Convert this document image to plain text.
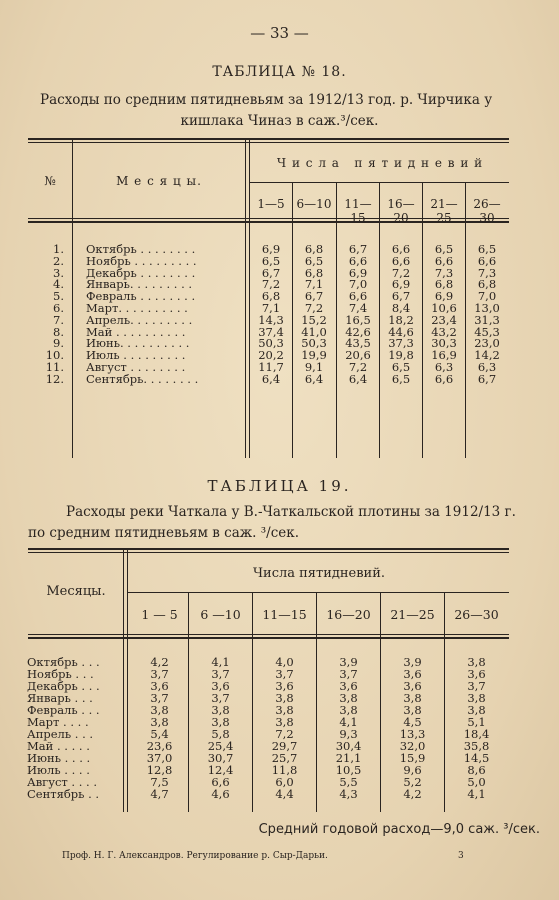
— 33 —
ТАБЛИЦА № 18.
Расходы по средним пятидневьям за 1912/13 год. р. Чирчика у
кишлака Чиназ в саж.³/сек.
№	М е с я ц ы.
Ч и с л а   п я т и д н е в и й
1—5 6—10	11—15
16—20
21—25
26—30
1. Октябрь . . . . . . . .	6,9	6,8	6,7	6,6	6,5	6,5
2. Ноябрь . . . . . . . . .	6,5	6,5	6,6	6,6	6,6	6,6
3. Декабрь . . . . . . . .	6,7	6,8	6,9	7,2	7,3	7,3
4. Январь. . . . . . . . .	7,2	7,1	7,0	6,9	6,8	6,8
5. Февраль . . . . . . . .	6,8	6,7	6,6	6,7	6,9	7,0
6. Март. . . . . . . . . .	7,1	7,2	7,4	8,4	10,6	13,0
7. Апрель. . . . . . . . .	14,3	15,2	16,5	18,2	23,4	31,3
8. Май . . . . . . . . . .	37,4	41,0	42,6	44,6	43,2	45,3
9. Июнь. . . . . . . . . .	50,3	50,3	43,5	37,3	30,3	23,0
10. Июль . . . . . . . . .	20,2	19,9	20,6	19,8	16,9	14,2
11. Август . . . . . . . .	11,7	9,1	7,2	6,5	6,3	6,3
12. Сентябрь. . . . . . . .	6,4	6,4	6,4	6,5	6,6	6,7
ТАБЛИЦА 19.
Расходы реки Чаткала у В.-Чаткальской плотины за 1912/13 г.
по средним пятидневьям в саж. ³/сек.
Месяцы.
Числа пятидневий.
1 — 5	6 —10	11—15	16—20	21—25	26—30
Октябрь . . .	4,2	4,1	4,0	3,9	3,9	3,8
Ноябрь . . .	3,7	3,7	3,7	3,7	3,6	3,6
Декабрь . . .	3,6	3,6	3,6	3,6	3,6	3,7
Январь . . .	3,7	3,7	3,8	3,8	3,8	3,8
Февраль . . .	3,8	3,8	3,8	3,8	3,8	3,8
Март . . . .	3,8	3,8	3,8	4,1	4,5	5,1
Апрель . . .	5,4	5,8	7,2	9,3	13,3	18,4
Май . . . . .	23,6	25,4	29,7	30,4	32,0	35,8
Июнь . . . .	37,0	30,7	25,7	21,1	15,9	14,5
Июль . . . .	12,8	12,4	11,8	10,5	9,6	8,6
Август . . . .	7,5	6,6	6,0	5,5	5,2	5,0
Сентябрь . .	4,7	4,6	4,4	4,3	4,2	4,1
Средний годовой расход—9,0 саж. ³/сек.
Проф. Н. Г. Александров. Регулирование р. Сыр-Дарьи.	3
